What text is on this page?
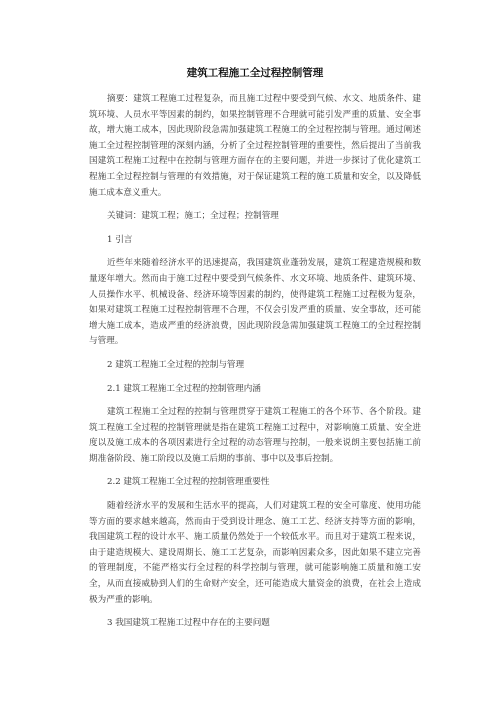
建筑工程施工全过程控制管理

摘要：建筑工程施工过程复杂，而且施工过程中要受到气候、水文、地质条件、建筑环境、人员水平等因素的制约，如果控制管理不合理就可能引发严重的质量、安全事故，增大施工成本，因此现阶段急需加强建筑工程施工的全过程控制与管理。通过阐述施工全过程控制管理的深刻内涵，分析了全过程控制管理的重要性，然后提出了当前我国建筑工程施工过程中在控制与管理方面存在的主要问题，并进一步探讨了优化建筑工程施工全过程控制与管理的有效措施，对于保证建筑工程的施工质量和安全，以及降低施工成本意义重大。

关键词：建筑工程；施工；全过程；控制管理

1 引言

近些年来随着经济水平的迅速提高，我国建筑业蓬勃发展，建筑工程建造规模和数量逐年增大。然而由于施工过程中要受到气候条件、水文环境、地质条件、建筑环境、人员操作水平、机械设备、经济环境等因素的制约，使得建筑工程施工过程极为复杂，如果对建筑工程施工过程控制管理不合理，不仅会引发严重的质量、安全事故，还可能增大施工成本，造成严重的经济浪费，因此现阶段急需加强建筑工程施工的全过程控制与管理。

2 建筑工程施工全过程的控制与管理

2.1 建筑工程施工全过程的控制管理内涵

建筑工程施工全过程的控制与管理贯穿于建筑工程施工的各个环节、各个阶段。建筑工程施工全过程的控制管理就是指在建筑工程施工过程中，对影响施工质量、安全进度以及施工成本的各项因素进行全过程的动态管理与控制，一般来说朗主要包括施工前期准备阶段、施工阶段以及施工后期的事前、事中以及事后控制。

2.2 建筑工程施工全过程的控制管理重要性

随着经济水平的发展和生活水平的提高，人们对建筑工程的安全可靠度、使用功能等方面的要求越来越高，然而由于受到设计理念、施工工艺、经济支持等方面的影响，我国建筑工程的设计水平、施工质量仍然处于一个较低水平。而且对于建筑工程来说，由于建造规模大、建设周期长、施工工艺复杂，而影响因素众多，因此如果不建立完善的管理制度，不能严格实行全过程的科学控制与管理，就可能影响施工质量和施工安全，从而直接威胁到人们的生命财产安全，还可能造成大量资金的浪费，在社会上造成极为严重的影响。

3 我国建筑工程施工过程中存在的主要问题
